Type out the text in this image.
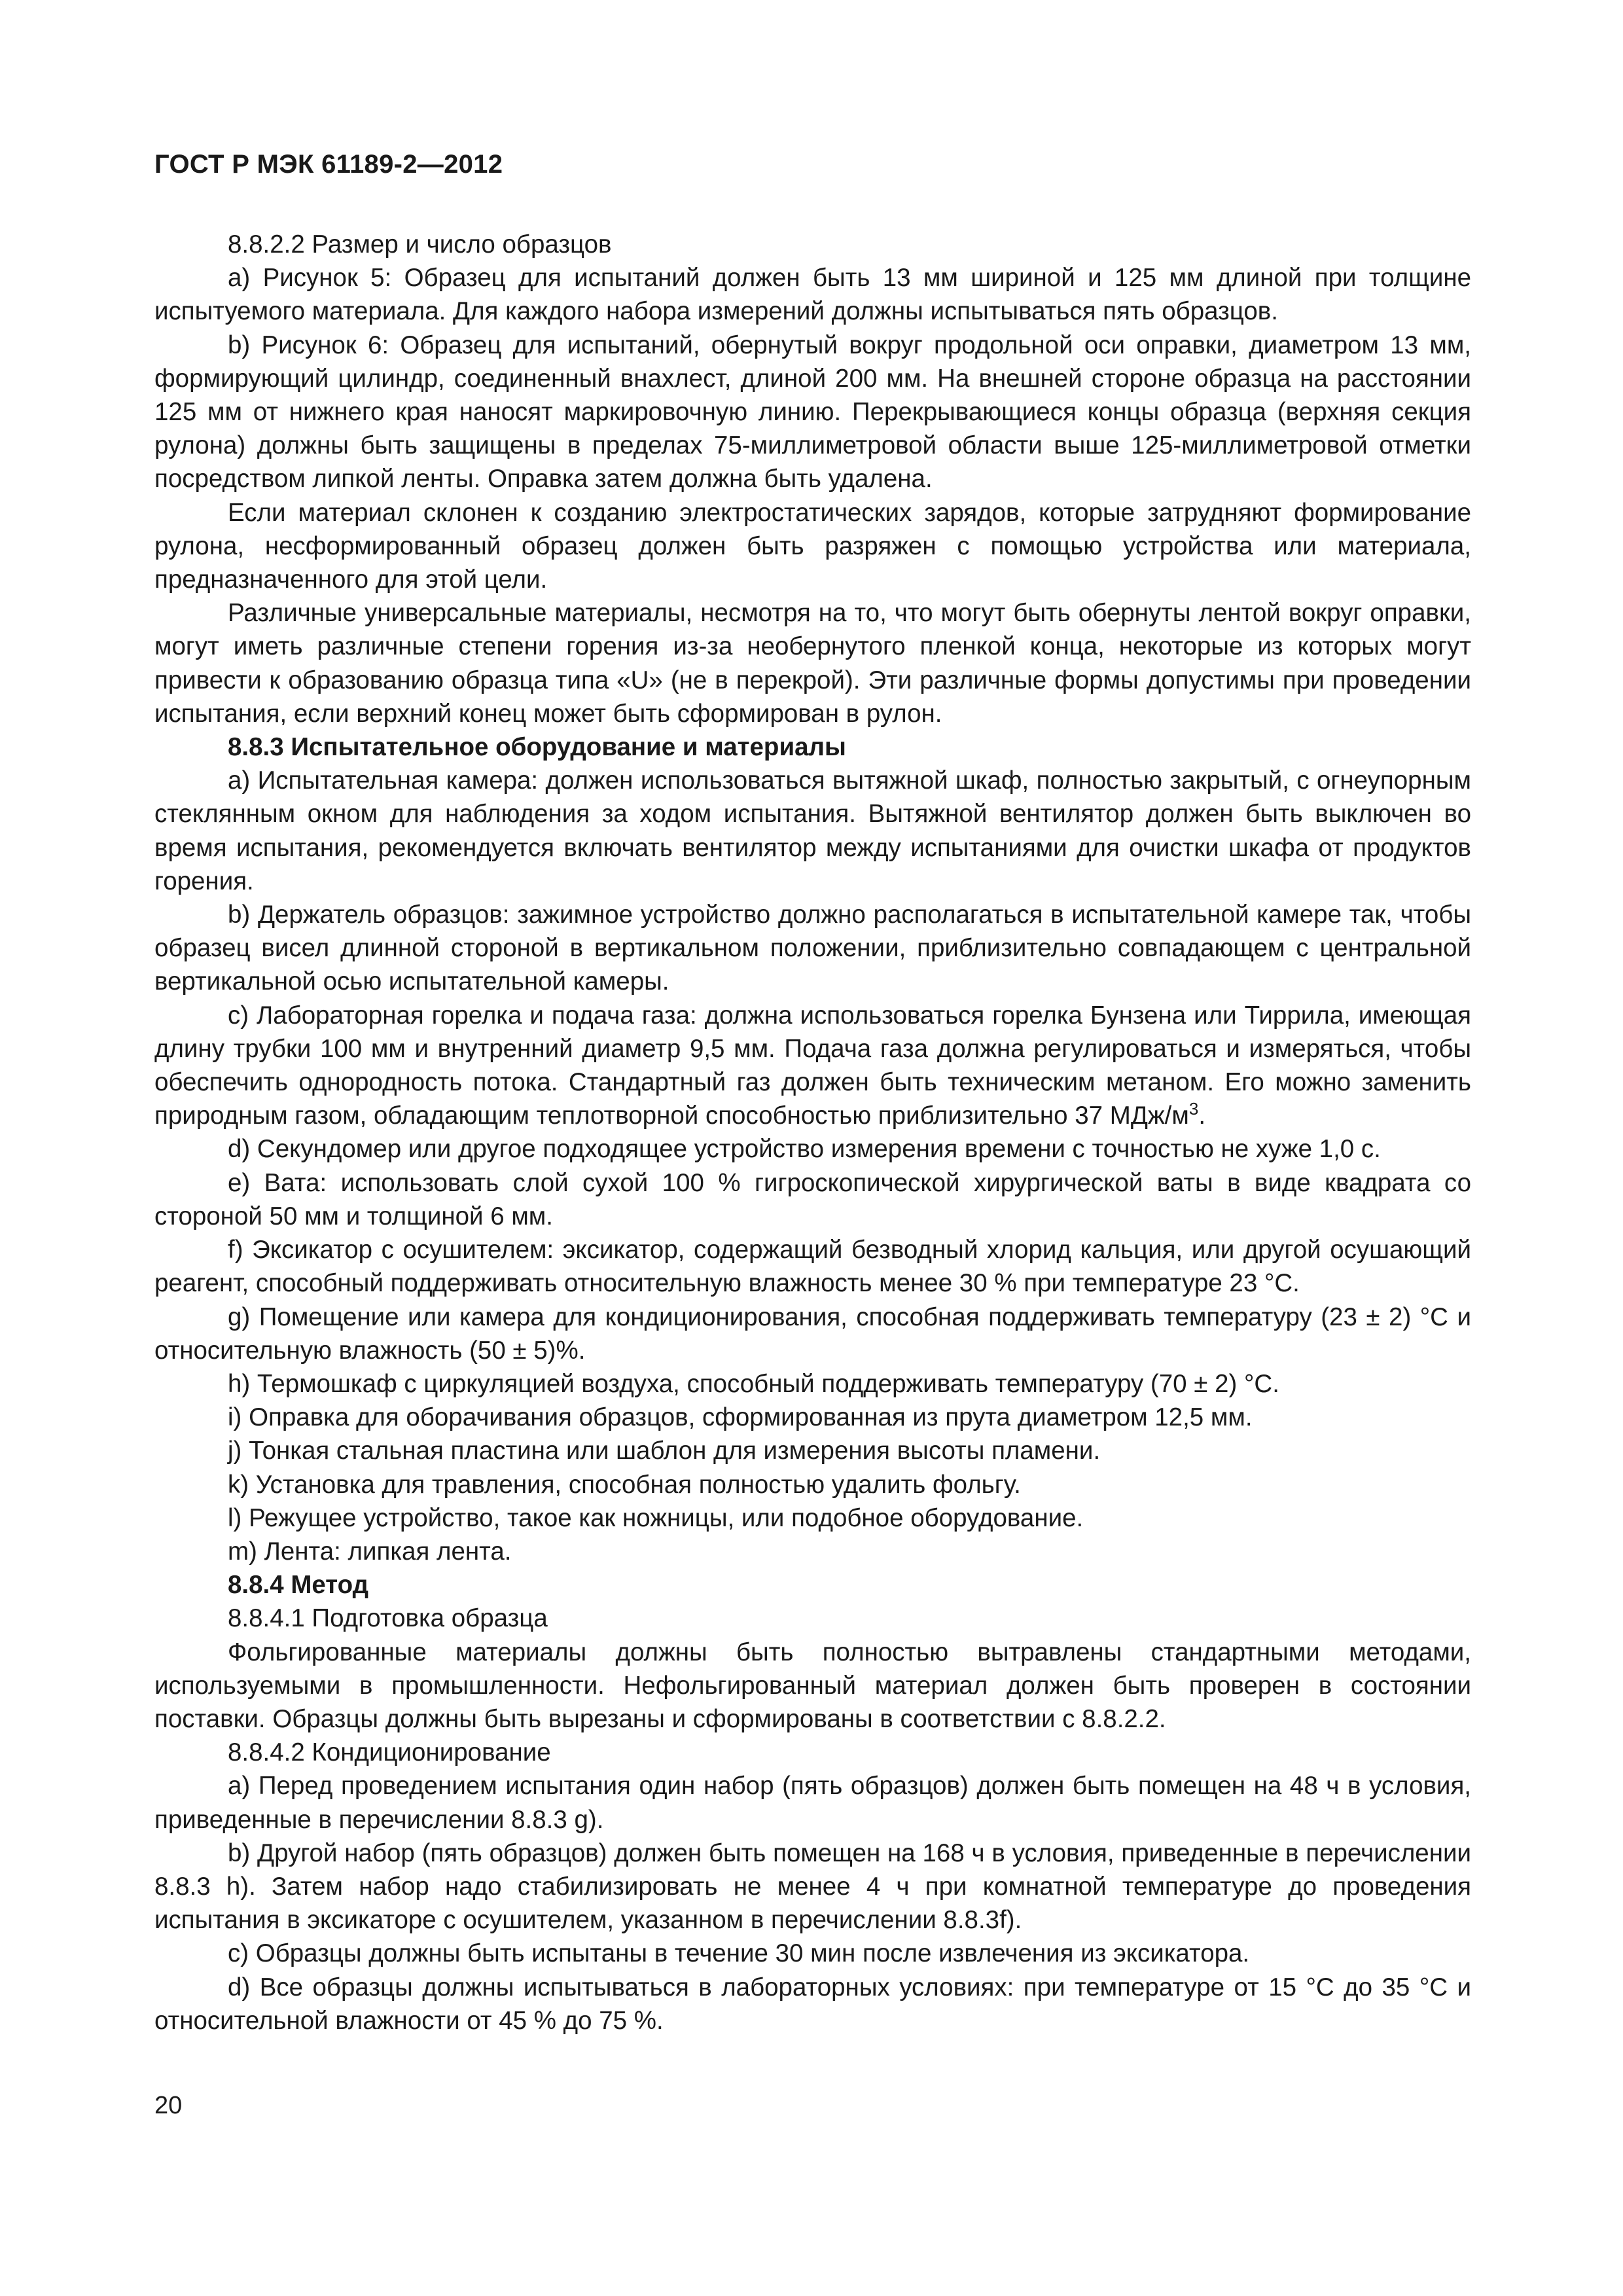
ГОСТ Р МЭК 61189-2—2012

8.8.2.2 Размер и число образцов

a) Рисунок 5: Образец для испытаний должен быть 13 мм шириной и 125 мм длиной при толщине испытуемого материала. Для каждого набора измерений должны испытываться пять образцов.

b) Рисунок 6: Образец для испытаний, обернутый вокруг продольной оси оправки, диаметром 13 мм, формирующий цилиндр, соединенный внахлест, длиной 200 мм. На внешней стороне образца на расстоянии 125 мм от нижнего края наносят маркировочную линию. Перекрывающиеся концы образца (верхняя секция рулона) должны быть защищены в пределах 75-миллиметровой области выше 125-миллиметровой отметки посредством липкой ленты. Оправка затем должна быть удалена.

Если материал склонен к созданию электростатических зарядов, которые затрудняют формирование рулона, несформированный образец должен быть разряжен с помощью устройства или материала, предназначенного для этой цели.

Различные универсальные материалы, несмотря на то, что могут быть обернуты лентой вокруг оправки, могут иметь различные степени горения из-за необернутого пленкой конца, некоторые из которых могут привести к образованию образца типа «U» (не в перекрой). Эти различные формы допустимы при проведении испытания, если верхний конец может быть сформирован в рулон.

8.8.3 Испытательное оборудование и материалы

a) Испытательная камера: должен использоваться вытяжной шкаф, полностью закрытый, с огнеупорным стеклянным окном для наблюдения за ходом испытания. Вытяжной вентилятор должен быть выключен во время испытания, рекомендуется включать вентилятор между испытаниями для очистки шкафа от продуктов горения.

b) Держатель образцов: зажимное устройство должно располагаться в испытательной камере так, чтобы образец висел длинной стороной в вертикальном положении, приблизительно совпадающем с центральной вертикальной осью испытательной камеры.

c) Лабораторная горелка и подача газа: должна использоваться горелка Бунзена или Тиррила, имеющая длину трубки 100 мм и внутренний диаметр 9,5 мм. Подача газа должна регулироваться и измеряться, чтобы обеспечить однородность потока. Стандартный газ должен быть техническим метаном. Его можно заменить природным газом, обладающим теплотворной способностью приблизительно 37 МДж/$м^3$.

d) Секундомер или другое подходящее устройство измерения времени с точностью не хуже 1,0 с.

e) Вата: использовать слой сухой 100 % гигроскопической хирургической ваты в виде квадрата со стороной 50 мм и толщиной 6 мм.

f) Эксикатор с осушителем: эксикатор, содержащий безводный хлорид кальция, или другой осушающий реагент, способный поддерживать относительную влажность менее 30 % при температуре 23 °C.

g) Помещение или камера для кондиционирования, способная поддерживать температуру (23 ± 2) °C и относительную влажность (50 ± 5)%.

h) Термошкаф с циркуляцией воздуха, способный поддерживать температуру (70 ± 2) °C.

i) Оправка для оборачивания образцов, сформированная из прута диаметром 12,5 мм.

j) Тонкая стальная пластина или шаблон для измерения высоты пламени.

k) Установка для травления, способная полностью удалить фольгу.

l) Режущее устройство, такое как ножницы, или подобное оборудование.

m) Лента: липкая лента.

8.8.4 Метод

8.8.4.1 Подготовка образца

Фольгированные материалы должны быть полностью вытравлены стандартными методами, используемыми в промышленности. Нефольгированный материал должен быть проверен в состоянии поставки. Образцы должны быть вырезаны и сформированы в соответствии с 8.8.2.2.

8.8.4.2 Кондиционирование

a) Перед проведением испытания один набор (пять образцов) должен быть помещен на 48 ч в условия, приведенные в перечислении 8.8.3 g).

b) Другой набор (пять образцов) должен быть помещен на 168 ч в условия, приведенные в перечислении 8.8.3 h). Затем набор надо стабилизировать не менее 4 ч при комнатной температуре до проведения испытания в эксикаторе с осушителем, указанном в перечислении 8.8.3f).

c) Образцы должны быть испытаны в течение 30 мин после извлечения из эксикатора.

d) Все образцы должны испытываться в лабораторных условиях: при температуре от 15 °C до 35 °C и относительной влажности от 45 % до 75 %.

20
